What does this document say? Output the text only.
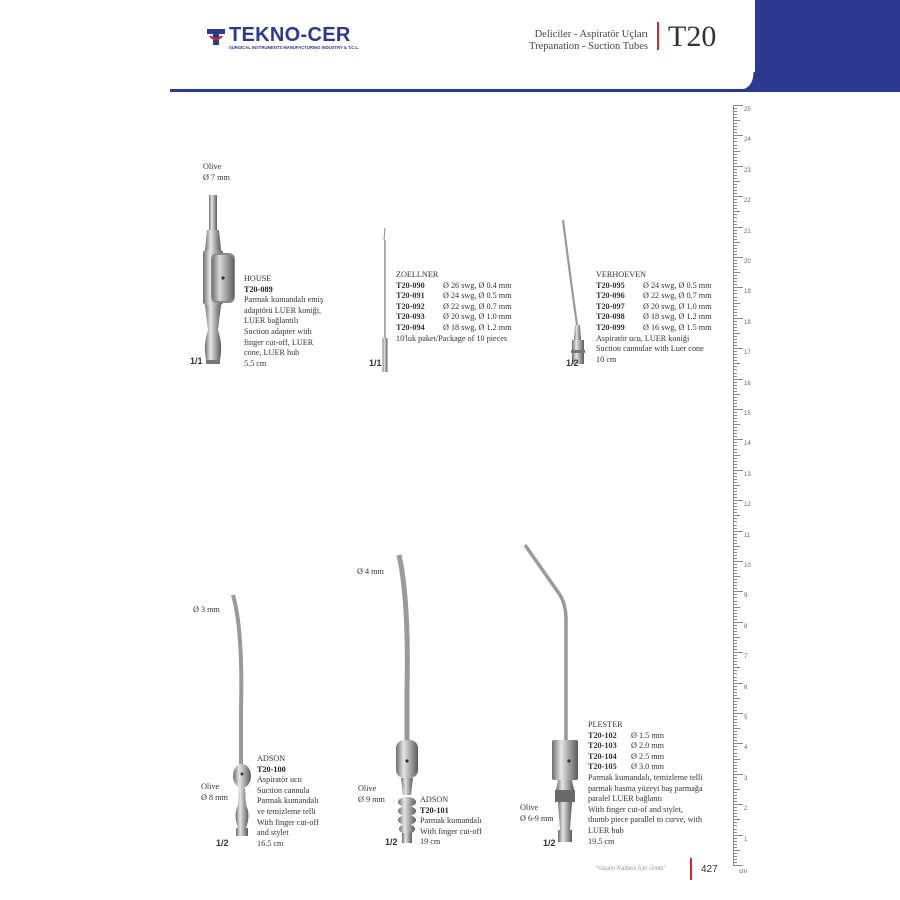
TEKNO-CER
SURGICAL INSTRUMENTS MANUFACTURING INDUSTRY & T.C.L.
Deliciler - Aspiratör Uçları
Trepanation - Suction Tubes T20
25
24
23
22
21
20
19
18
17
16
15
14
13
12
11
10
9
8
7
6
5
4
3
2
1
cm
Olive
Ø 7 mm
1/1
HOUSE
T20-089
Parmak kumandalı emiş
adaptörü LUER koniği,
LUER bağlantılı
Suction adapter with
finger cut-off, LUER
cone, LUER hub
5.5 cm	1/1
ZOELLNER
T20-090 Ø 26 swg, Ø 0.4 mm
T20-091 Ø 24 swg, Ø 0.5 mm
T20-092 Ø 22 swg, Ø 0.7 mm
T20-093 Ø 20 swg, Ø 1.0 mm
T20-094 Ø 18 swg, Ø 1.2 mm
10'luk paket/Package of 10 pieces
1/2
VERHOEVEN
T20-095 Ø 24 swg, Ø 0.5 mm
T20-096 Ø 22 swg, Ø 0.7 mm
T20-097 Ø 20 swg, Ø 1.0 mm
T20-098 Ø 18 swg, Ø 1.2 mm
T20-099 Ø 16 swg, Ø 1.5 mm
Aspiratör ucu, LUER koniği
Suction cannulae with Luer cone
10 cm
Ø 3 mm
Olive
Ø 8 mm
1/2
ADSON
T20-100
Aspiratör ucu
Suction cannula
Parmak kumandalı
ve temizleme telli
With finger cut-off
and stylet
16.5 cm
Ø 4 mm
Olive
Ø 9 mm
1/2
ADSON
T20-101
Parmak kumandalı
With finger cut-off
19 cm
Olive
Ø 6-9 mm
1/2
PLESTER
T20-102 Ø 1.5 mm
T20-103 Ø 2.0 mm
T20-104 Ø 2.5 mm
T20-105 Ø 3.0 mm
Parmak kumandalı, temizleme telli
parmak basma yüzeyi baş parmağa
paralel LUER bağlantı
With finger cut-of and stylet,
thumb piece parallel to curve, with
LUER hub
19.5 cm
"Yaşam Kalitesi İçin Üretir"	427
